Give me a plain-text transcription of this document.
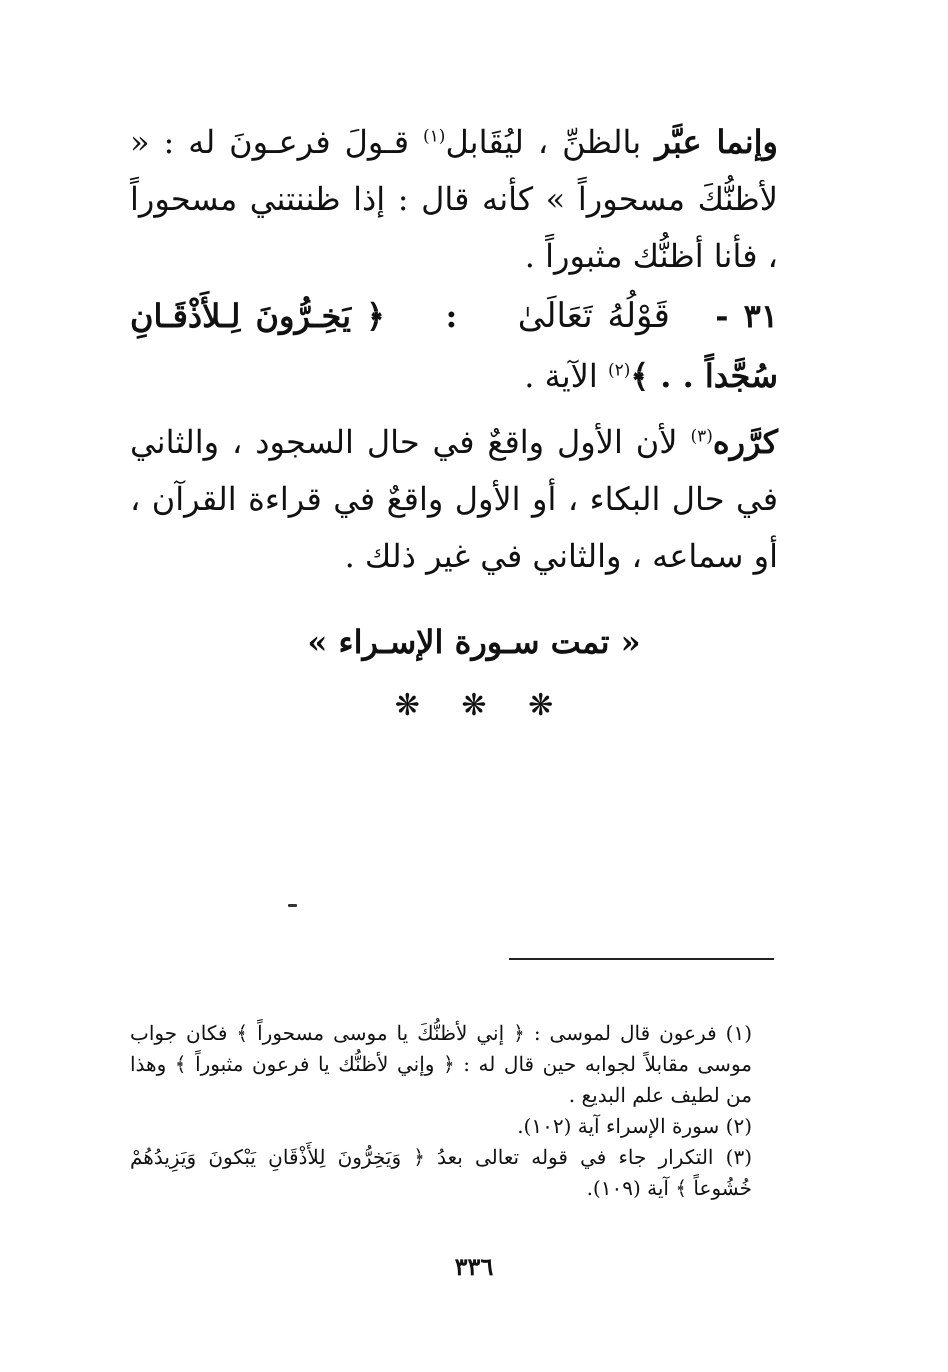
وإنما عبَّر بالظنِّ ، ليُقَابل$^{(١)}$ قـولَ فرعـونَ له : « لأظنُّكَ مسحوراً » كأنه قال : إذا ظننتني مسحوراً ، فأنا أظنُّك مثبوراً .

٣١ -   قَوْلُهُ تَعَالَىٰ    :    ﴿ يَخِـرُّونَ لِـلأَذْقَـانِ سُجَّداً . . ﴾$^{(٢)}$ الآية .

كرَّره$^{(٣)}$ لأن الأول واقعٌ في حال السجود ، والثاني في حال البكاء ، أو الأول واقعٌ في قراءة القرآن ، أو سماعه ، والثاني في غير ذلك .

« تمت سـورة الإسـراء »

❋ ❋ ❋

(١) فرعون قال لموسى : ﴿ إني لأظنُّكَ يا موسى مسحوراً ﴾ فكان جواب موسى مقابلاً لجوابه حين قال له : ﴿ وإني لأظنُّك يا فرعون مثبوراً ﴾ وهذا من لطيف علم البديع .

(٢) سورة الإسراء آية (١٠٢).

(٣) التكرار جاء في قوله تعالى بعدُ ﴿ وَيَخِرُّونَ لِلأَذْقَانِ يَبْكونَ وَيَزِيدُهُمْ خُشُوعاً ﴾ آية (١٠٩).

٣٣٦
